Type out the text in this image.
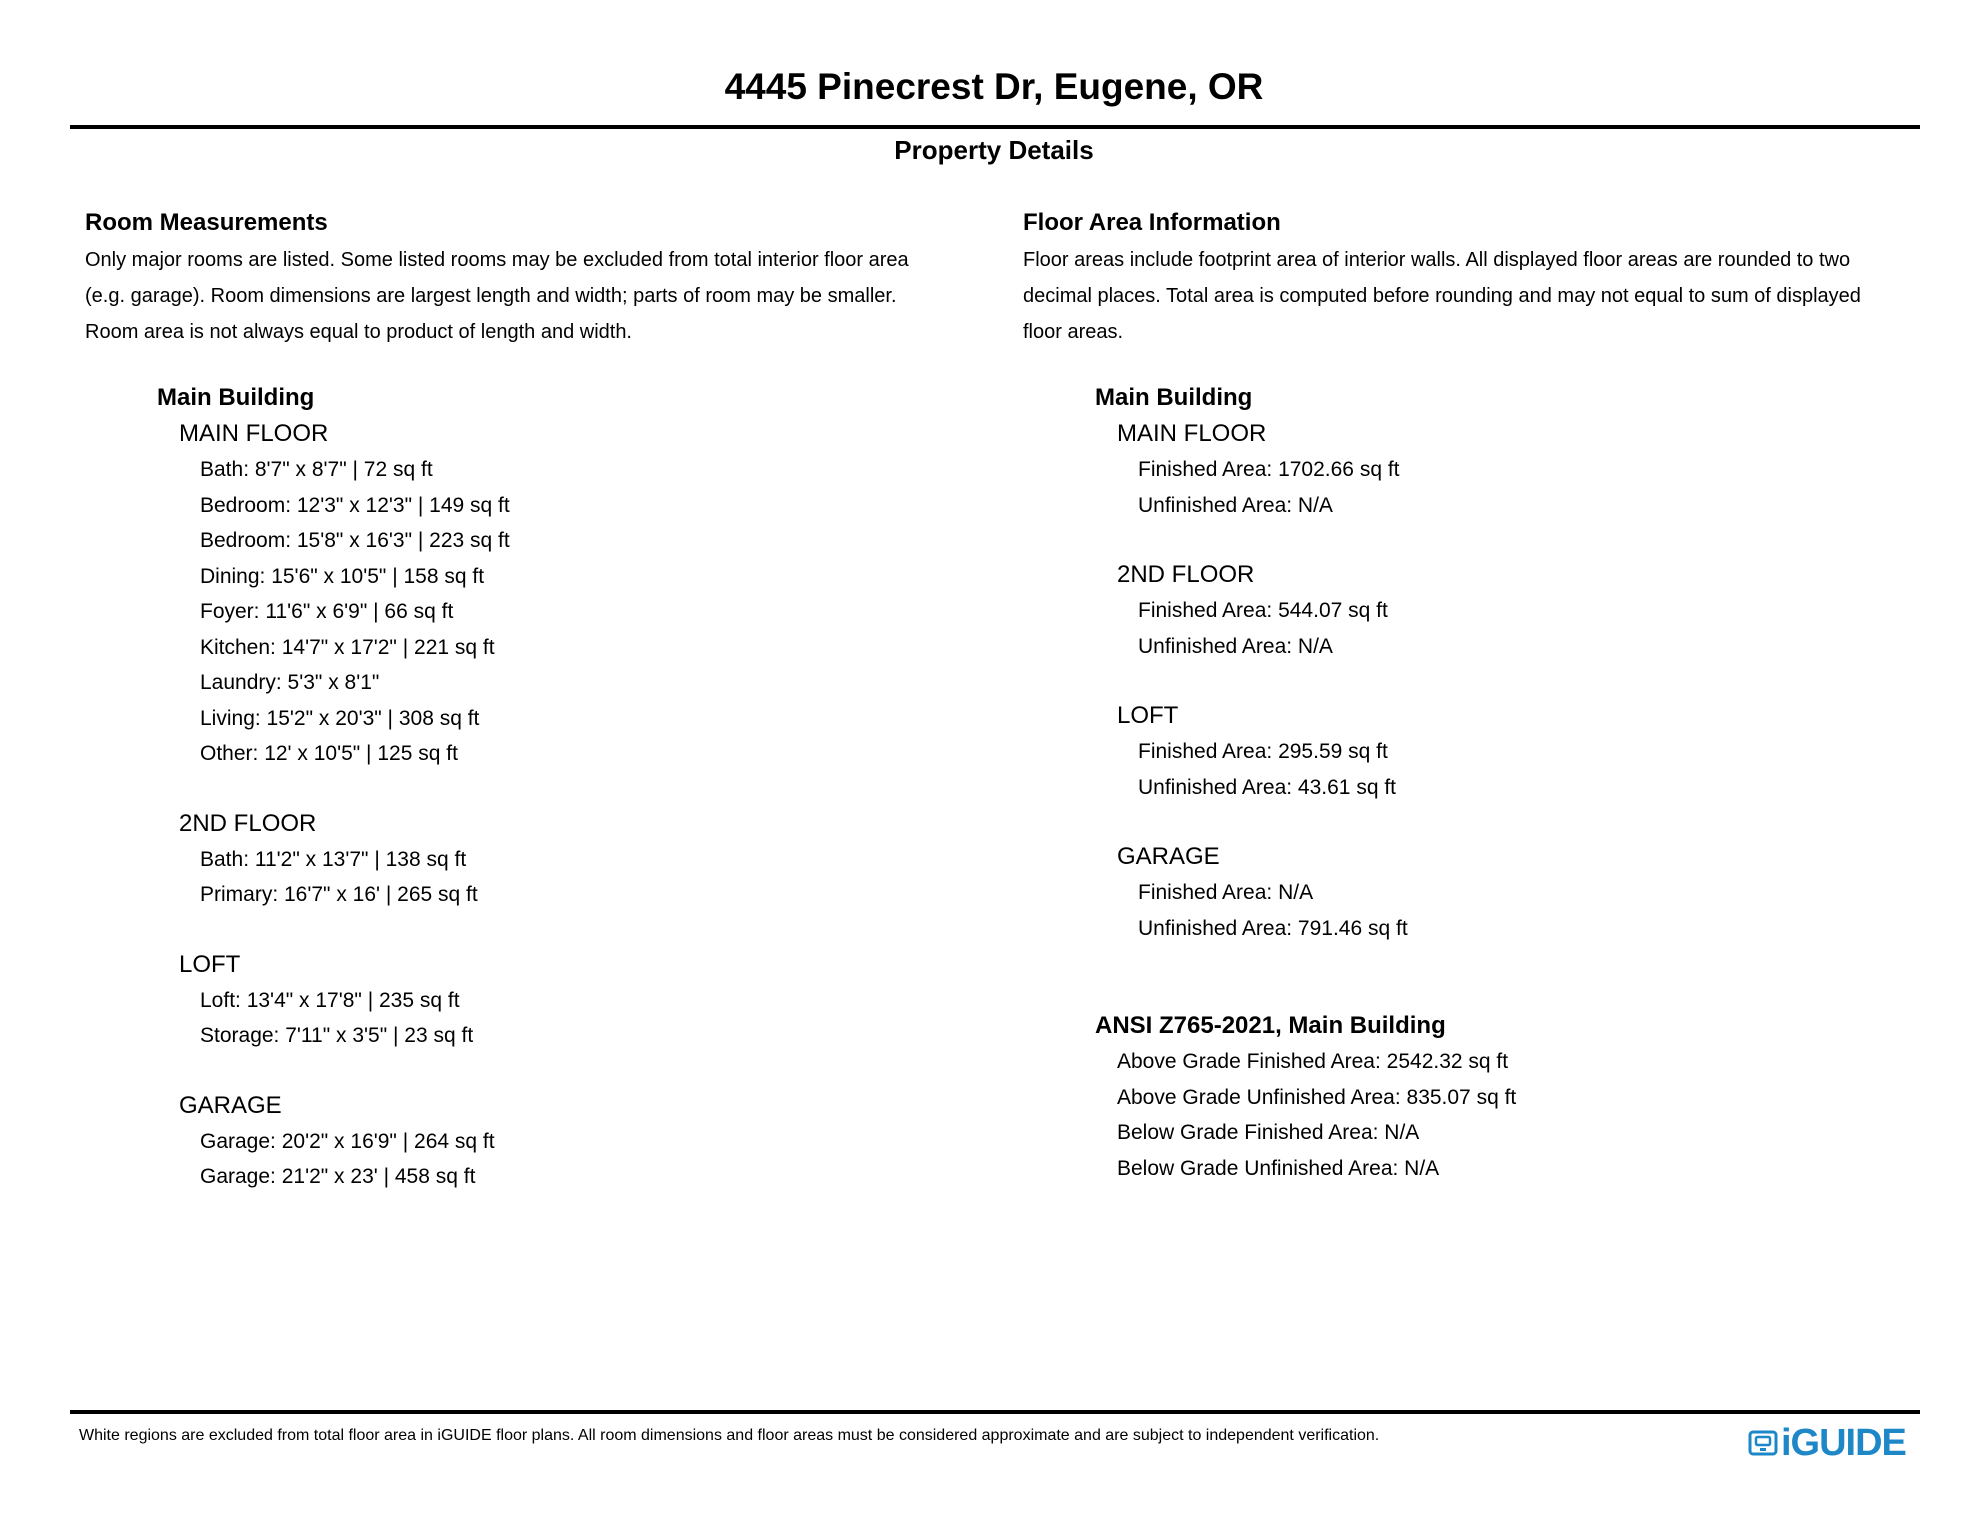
4445 Pinecrest Dr, Eugene, OR
Property Details
Room Measurements

Only major rooms are listed. Some listed rooms may be excluded from total interior floor area
(e.g. garage). Room dimensions are largest length and width; parts of room may be smaller.
Room area is not always equal to product of length and width.

Main Building
MAIN FLOOR
Bath: 8'7" x 8'7" | 72 sq ft
Bedroom: 12'3" x 12'3" | 149 sq ft
Bedroom: 15'8" x 16'3" | 223 sq ft
Dining: 15'6" x 10'5" | 158 sq ft
Foyer: 11'6" x 6'9" | 66 sq ft
Kitchen: 14'7" x 17'2" | 221 sq ft
Laundry: 5'3" x 8'1"
Living: 15'2" x 20'3" | 308 sq ft
Other: 12' x 10'5" | 125 sq ft
2ND FLOOR
Bath: 11'2" x 13'7" | 138 sq ft
Primary: 16'7" x 16' | 265 sq ft
LOFT
Loft: 13'4" x 17'8" | 235 sq ft
Storage: 7'11" x 3'5" | 23 sq ft
GARAGE
Garage: 20'2" x 16'9" | 264 sq ft
Garage: 21'2" x 23' | 458 sq ft
Floor Area Information

Floor areas include footprint area of interior walls. All displayed floor areas are rounded to two
decimal places. Total area is computed before rounding and may not equal to sum of displayed
floor areas.

Main Building
MAIN FLOOR
Finished Area: 1702.66 sq ft
Unfinished Area: N/A
2ND FLOOR
Finished Area: 544.07 sq ft
Unfinished Area: N/A
LOFT
Finished Area: 295.59 sq ft
Unfinished Area: 43.61 sq ft
GARAGE
Finished Area: N/A
Unfinished Area: 791.46 sq ft
ANSI Z765-2021, Main Building
Above Grade Finished Area: 2542.32 sq ft
Above Grade Unfinished Area: 835.07 sq ft
Below Grade Finished Area: N/A
Below Grade Unfinished Area: N/A
White regions are excluded from total floor area in iGUIDE floor plans. All room dimensions and floor areas must be considered approximate and are subject to independent verification.	iGUIDE
